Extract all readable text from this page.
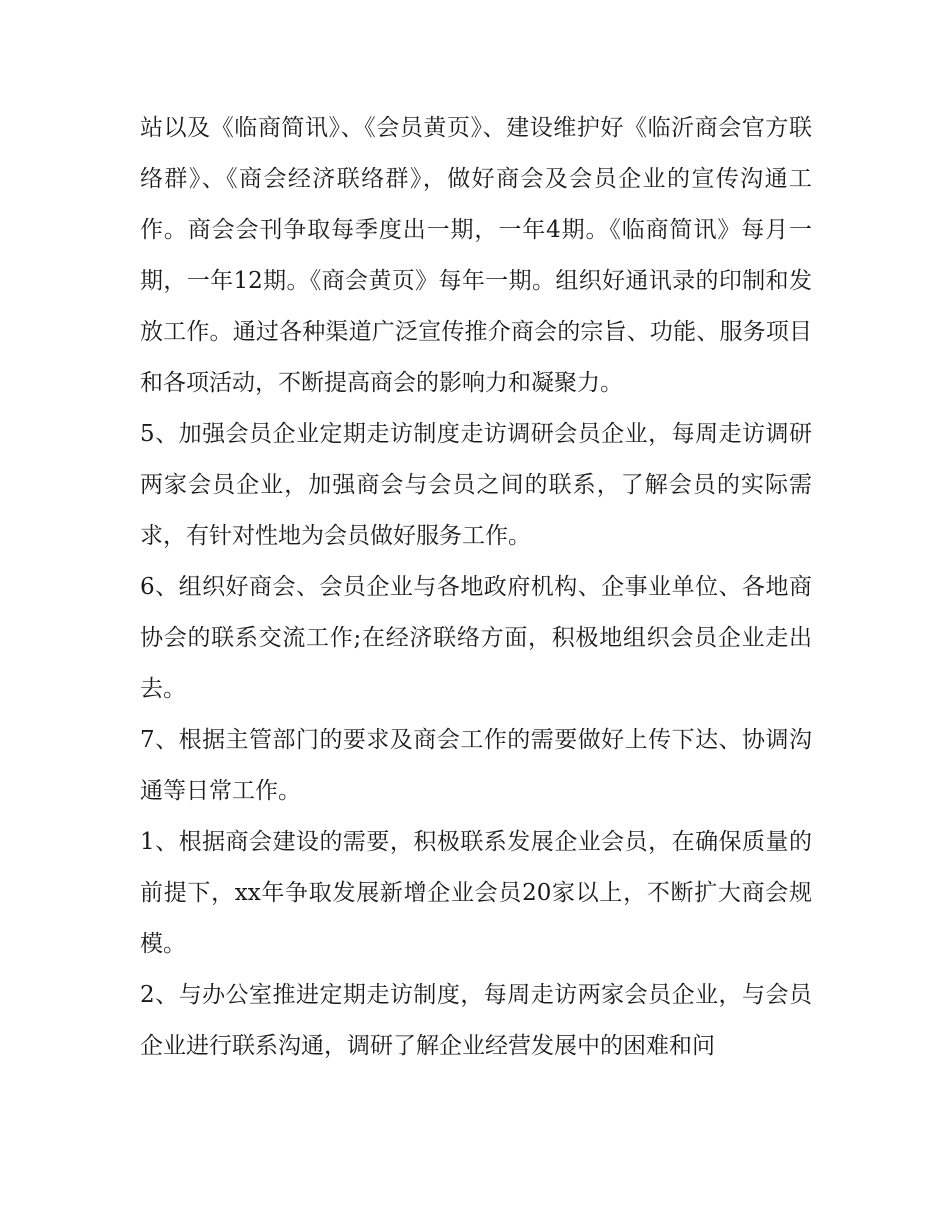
站以及《临商简讯》、《会员黄页》、建设维护好《临沂商会官方联络群》、《商会经济联络群》，做好商会及会员企业的宣传沟通工作。商会会刊争取每季度出一期，一年4期。《临商简讯》每月一期，一年12期。《商会黄页》每年一期。组织好通讯录的印制和发放工作。通过各种渠道广泛宣传推介商会的宗旨、功能、服务项目和各项活动，不断提高商会的影响力和凝聚力。

5、加强会员企业定期走访制度走访调研会员企业，每周走访调研两家会员企业，加强商会与会员之间的联系，了解会员的实际需求，有针对性地为会员做好服务工作。

6、组织好商会、会员企业与各地政府机构、企事业单位、各地商协会的联系交流工作;在经济联络方面，积极地组织会员企业走出去。

7、根据主管部门的要求及商会工作的需要做好上传下达、协调沟通等日常工作。

1、根据商会建设的需要，积极联系发展企业会员，在确保质量的前提下，xx年争取发展新增企业会员20家以上，不断扩大商会规模。

2、与办公室推进定期走访制度，每周走访两家会员企业，与会员企业进行联系沟通，调研了解企业经营发展中的困难和问
